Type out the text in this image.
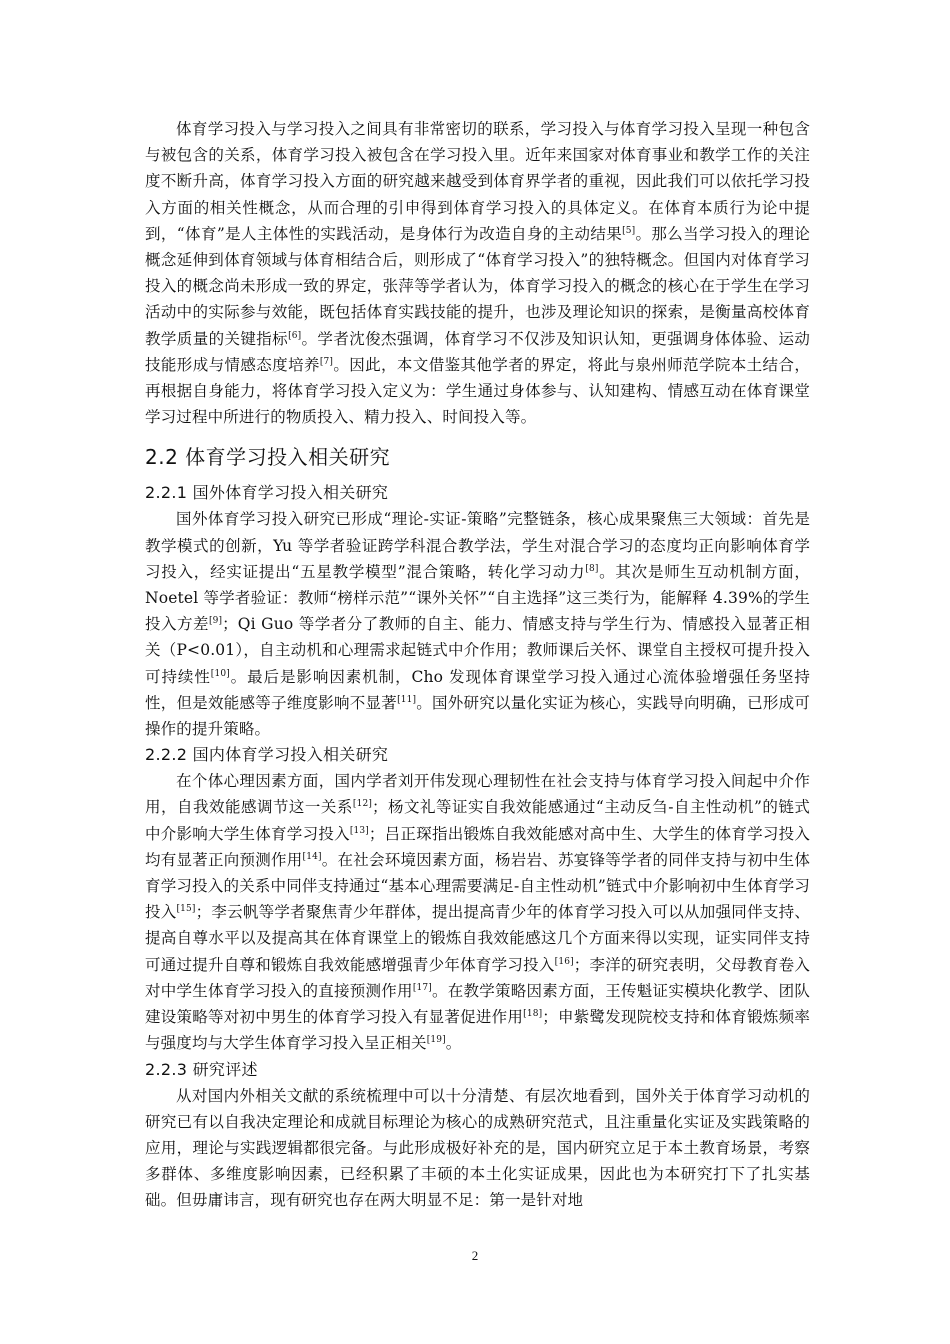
体育学习投入与学习投入之间具有非常密切的联系，学习投入与体育学习投入呈现一种包含与被包含的关系，体育学习投入被包含在学习投入里。近年来国家对体育事业和教学工作的关注度不断升高，体育学习投入方面的研究越来越受到体育界学者的重视，因此我们可以依托学习投入方面的相关性概念，从而合理的引申得到体育学习投入的具体定义。在体育本质行为论中提到，“体育”是人主体性的实践活动，是身体行为改造自身的主动结果[5]。那么当学习投入的理论概念延伸到体育领域与体育相结合后，则形成了“体育学习投入”的独特概念。但国内对体育学习投入的概念尚未形成一致的界定，张萍等学者认为，体育学习投入的概念的核心在于学生在学习活动中的实际参与效能，既包括体育实践技能的提升，也涉及理论知识的探索，是衡量高校体育教学质量的关键指标[6]。学者沈俊杰强调，体育学习不仅涉及知识认知，更强调身体体验、运动技能形成与情感态度培养[7]。因此，本文借鉴其他学者的界定，将此与泉州师范学院本土结合，再根据自身能力，将体育学习投入定义为：学生通过身体参与、认知建构、情感互动在体育课堂学习过程中所进行的物质投入、精力投入、时间投入等。

2.2 体育学习投入相关研究
2.2.1 国外体育学习投入相关研究

国外体育学习投入研究已形成“理论-实证-策略”完整链条，核心成果聚焦三大领域：首先是教学模式的创新，Yu 等学者验证跨学科混合教学法，学生对混合学习的态度均正向影响体育学习投入，经实证提出“五星教学模型”混合策略，转化学习动力[8]。其次是师生互动机制方面，Noetel 等学者验证：教师“榜样示范”“课外关怀”“自主选择”这三类行为，能解释 4.39%的学生投入方差[9]；Qi Guo 等学者分了教师的自主、能力、情感支持与学生行为、情感投入显著正相关（P<0.01），自主动机和心理需求起链式中介作用；教师课后关怀、课堂自主授权可提升投入可持续性[10]。最后是影响因素机制，Cho 发现体育课堂学习投入通过心流体验增强任务坚持性，但是效能感等子维度影响不显著[11]。国外研究以量化实证为核心，实践导向明确，已形成可操作的提升策略。

2.2.2 国内体育学习投入相关研究

在个体心理因素方面，国内学者刘开伟发现心理韧性在社会支持与体育学习投入间起中介作用，自我效能感调节这一关系[12]；杨文礼等证实自我效能感通过“主动反刍-自主性动机”的链式中介影响大学生体育学习投入[13]；吕正琛指出锻炼自我效能感对高中生、大学生的体育学习投入均有显著正向预测作用[14]。在社会环境因素方面，杨岩岩、苏宴锋等学者的同伴支持与初中生体育学习投入的关系中同伴支持通过“基本心理需要满足-自主性动机”链式中介影响初中生体育学习投入[15]；李云帆等学者聚焦青少年群体，提出提高青少年的体育学习投入可以从加强同伴支持、提高自尊水平以及提高其在体育课堂上的锻炼自我效能感这几个方面来得以实现，证实同伴支持可通过提升自尊和锻炼自我效能感增强青少年体育学习投入[16]；李洋的研究表明，父母教育卷入对中学生体育学习投入的直接预测作用[17]。在教学策略因素方面，王传魁证实模块化教学、团队建设策略等对初中男生的体育学习投入有显著促进作用[18]；申紫鹭发现院校支持和体育锻炼频率与强度均与大学生体育学习投入呈正相关[19]。

2.2.3 研究评述

从对国内外相关文献的系统梳理中可以十分清楚、有层次地看到，国外关于体育学习动机的研究已有以自我决定理论和成就目标理论为核心的成熟研究范式，且注重量化实证及实践策略的应用，理论与实践逻辑都很完备。与此形成极好补充的是，国内研究立足于本土教育场景，考察多群体、多维度影响因素，已经积累了丰硕的本土化实证成果，因此也为本研究打下了扎实基础。但毋庸讳言，现有研究也存在两大明显不足：第一是针对地

2
